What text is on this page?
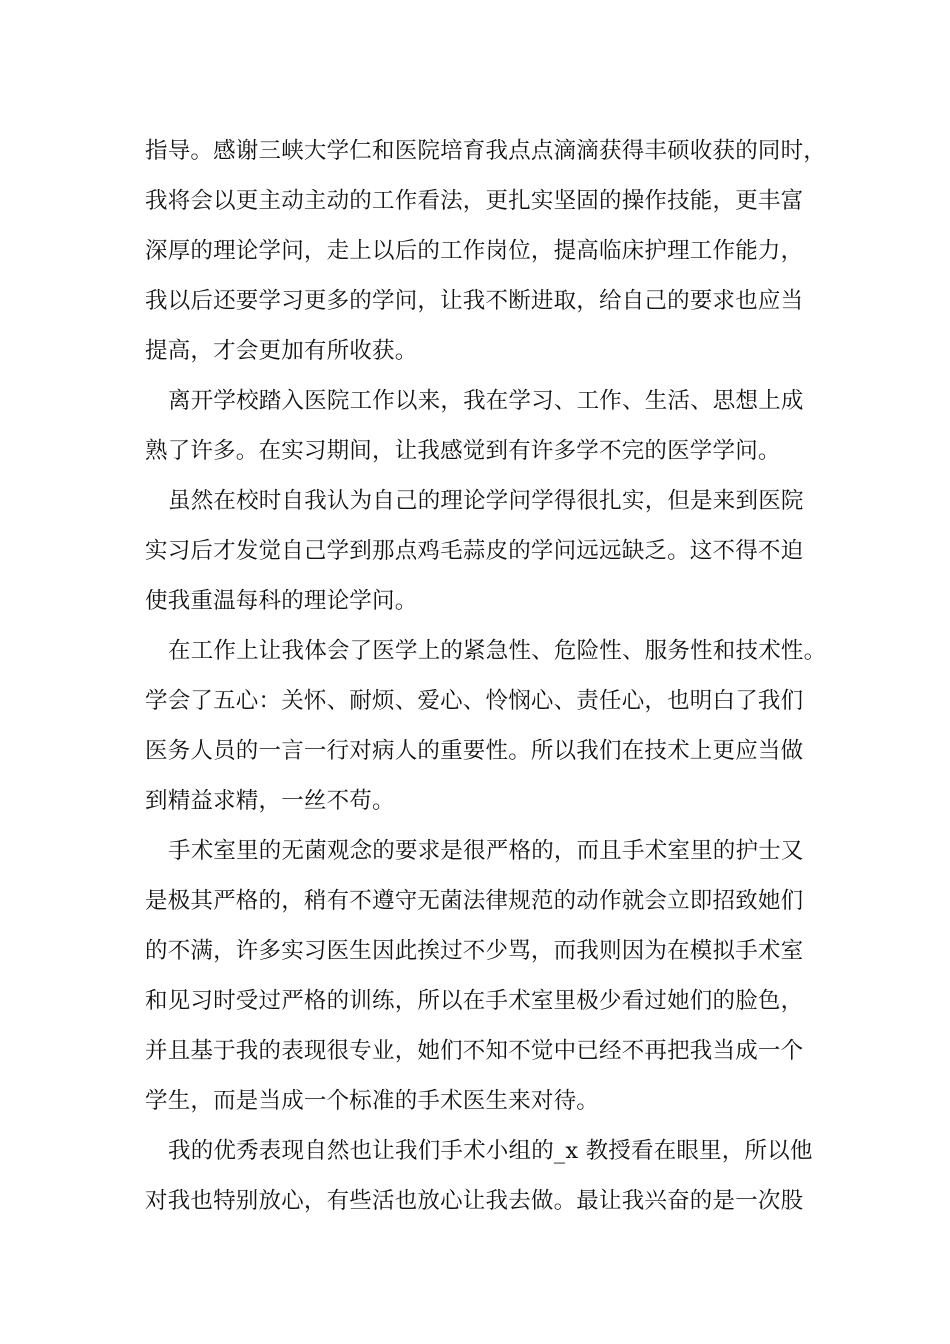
指导。感谢三峡大学仁和医院培育我点点滴滴获得丰硕收获的同时，
我将会以更主动主动的工作看法，更扎实坚固的操作技能，更丰富
深厚的理论学问，走上以后的工作岗位，提高临床护理工作能力，
我以后还要学习更多的学问，让我不断进取，给自己的要求也应当
提高，才会更加有所收获。
离开学校踏入医院工作以来，我在学习、工作、生活、思想上成
熟了许多。在实习期间，让我感觉到有许多学不完的医学学问。
虽然在校时自我认为自己的理论学问学得很扎实，但是来到医院
实习后才发觉自己学到那点鸡毛蒜皮的学问远远缺乏。这不得不迫
使我重温每科的理论学问。
在工作上让我体会了医学上的紧急性、危险性、服务性和技术性。
学会了五心：关怀、耐烦、爱心、怜悯心、责任心，也明白了我们
医务人员的一言一行对病人的重要性。所以我们在技术上更应当做
到精益求精，一丝不苟。
手术室里的无菌观念的要求是很严格的，而且手术室里的护士又
是极其严格的，稍有不遵守无菌法律规范的动作就会立即招致她们
的不满，许多实习医生因此挨过不少骂，而我则因为在模拟手术室
和见习时受过严格的训练，所以在手术室里极少看过她们的脸色，
并且基于我的表现很专业，她们不知不觉中已经不再把我当成一个
学生，而是当成一个标准的手术医生来对待。
我的优秀表现自然也让我们手术小组的_x 教授看在眼里，所以他
对我也特别放心，有些活也放心让我去做。最让我兴奋的是一次股
